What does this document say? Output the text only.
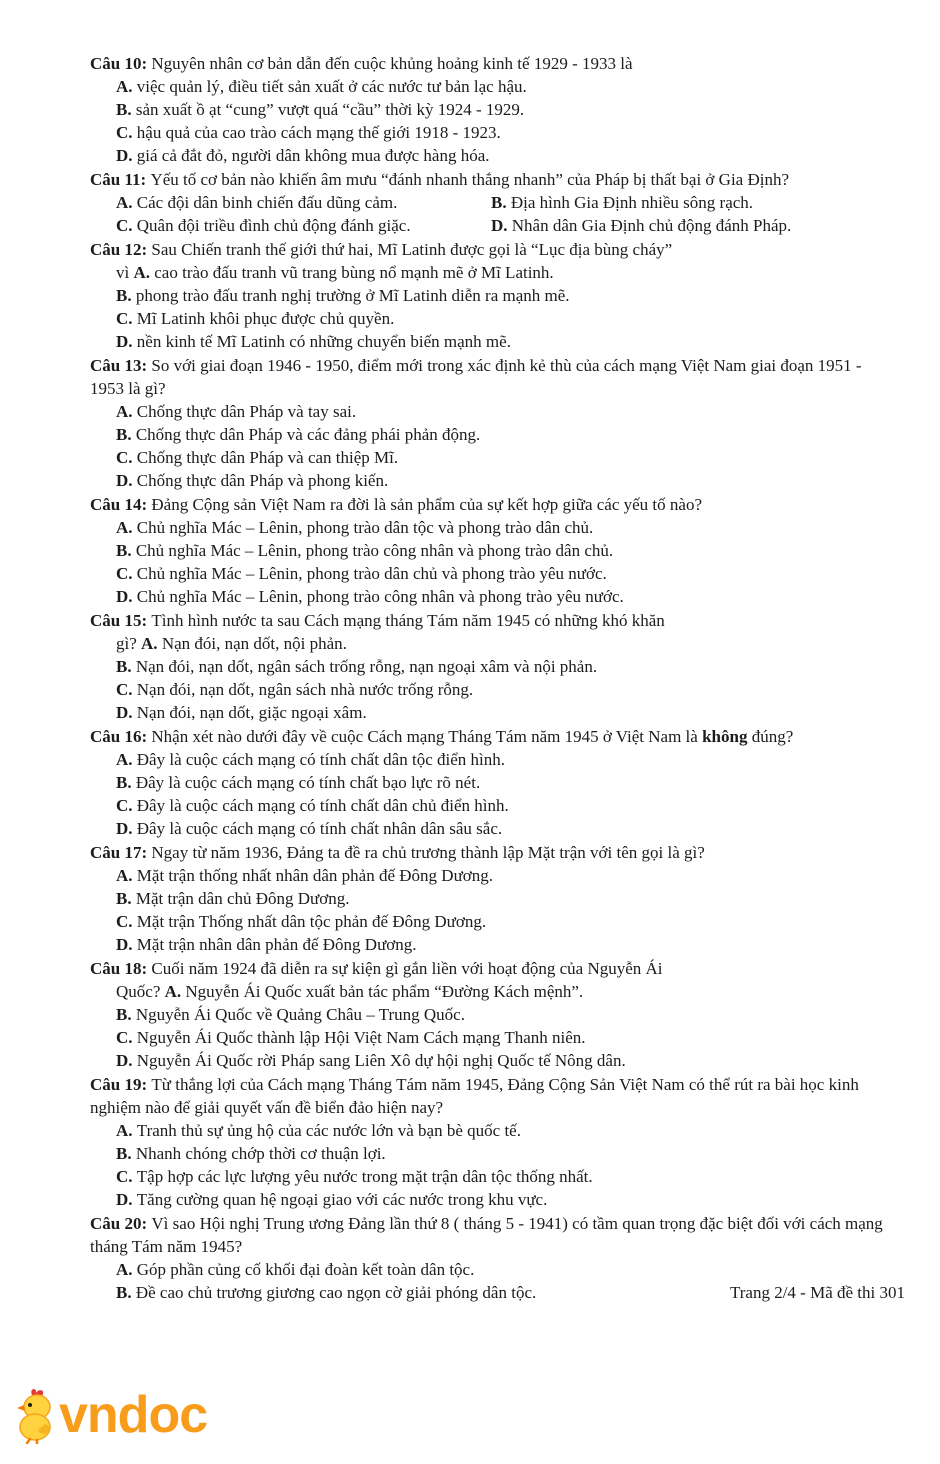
Câu 10: Nguyên nhân cơ bản dẫn đến cuộc khủng hoảng kinh tế 1929 - 1933 là
A. việc quản lý, điều tiết sản xuất ở các nước tư bản lạc hậu.
B. sản xuất ồ ạt “cung” vượt quá “cầu” thời kỳ 1924 - 1929.
C. hậu quả của cao trào cách mạng thế giới 1918 - 1923.
D. giá cả đắt đỏ, người dân không mua được hàng hóa.
Câu 11: Yếu tố cơ bản nào khiến âm mưu “đánh nhanh thắng nhanh” của Pháp bị thất bại ở Gia Định?
A. Các đội dân binh chiến đấu dũng cảm.	B. Địa hình Gia Định nhiều sông rạch.
C. Quân đội triều đình chủ động đánh giặc.	D. Nhân dân Gia Định chủ động đánh Pháp.
Câu 12: Sau Chiến tranh thế giới thứ hai, Mĩ Latinh được gọi là “Lục địa bùng cháy”
vì A. cao trào đấu tranh vũ trang bùng nổ mạnh mẽ ở Mĩ Latinh.
B. phong trào đấu tranh nghị trường ở Mĩ Latinh diễn ra mạnh mẽ.
C. Mĩ Latinh khôi phục được chủ quyền.
D. nền kinh tế Mĩ Latinh có những chuyển biến mạnh mẽ.
Câu 13: So với giai đoạn 1946 - 1950, điểm mới trong xác định kẻ thù của cách mạng Việt Nam giai đoạn 1951 - 1953 là gì?
A. Chống thực dân Pháp và tay sai.
B. Chống thực dân Pháp và các đảng phái phản động.
C. Chống thực dân Pháp và can thiệp Mĩ.
D. Chống thực dân Pháp và phong kiến.
Câu 14: Đảng Cộng sản Việt Nam ra đời là sản phẩm của sự kết hợp giữa các yếu tố nào?
A. Chủ nghĩa Mác – Lênin, phong trào dân tộc và phong trào dân chủ.
B. Chủ nghĩa Mác – Lênin, phong trào công nhân và phong trào dân chủ.
C. Chủ nghĩa Mác – Lênin, phong trào dân chủ và phong trào yêu nước.
D. Chủ nghĩa Mác – Lênin, phong trào công nhân và phong trào yêu nước.
Câu 15: Tình hình nước ta sau Cách mạng tháng Tám năm 1945 có những khó khăn
gì? A. Nạn đói, nạn dốt, nội phản.
B. Nạn đói, nạn dốt, ngân sách trống rỗng, nạn ngoại xâm và nội phản.
C. Nạn đói, nạn dốt, ngân sách nhà nước trống rỗng.
D. Nạn đói, nạn dốt, giặc ngoại xâm.
Câu 16: Nhận xét nào dưới đây về cuộc Cách mạng Tháng Tám năm 1945 ở Việt Nam là không đúng?
A. Đây là cuộc cách mạng có tính chất dân tộc điển hình.
B. Đây là cuộc cách mạng có tính chất bạo lực rõ nét.
C. Đây là cuộc cách mạng có tính chất dân chủ điển hình.
D. Đây là cuộc cách mạng có tính chất nhân dân sâu sắc.
Câu 17: Ngay từ năm 1936, Đảng ta đề ra chủ trương thành lập Mặt trận với tên gọi là gì?
A. Mặt trận thống nhất nhân dân phản đế Đông Dương.
B. Mặt trận dân chủ Đông Dương.
C. Mặt trận Thống nhất dân tộc phản đế Đông Dương.
D. Mặt trận nhân dân phản đế Đông Dương.
Câu 18: Cuối năm 1924 đã diễn ra sự kiện gì gắn liền với hoạt động của Nguyễn Ái
Quốc? A. Nguyễn Ái Quốc xuất bản tác phẩm “Đường Kách mệnh”.
B. Nguyễn Ái Quốc về Quảng Châu – Trung Quốc.
C. Nguyễn Ái Quốc thành lập Hội Việt Nam Cách mạng Thanh niên.
D. Nguyễn Ái Quốc rời Pháp sang Liên Xô dự hội nghị Quốc tế Nông dân.
Câu 19: Từ thắng lợi của Cách mạng Tháng Tám năm 1945, Đảng Cộng Sản Việt Nam có thể rút ra bài học kinh nghiệm nào để giải quyết vấn đề biển đảo hiện nay?
A. Tranh thủ sự ủng hộ của các nước lớn và bạn bè quốc tế.
B. Nhanh chóng chớp thời cơ thuận lợi.
C. Tập hợp các lực lượng yêu nước trong mặt trận dân tộc thống nhất.
D. Tăng cường quan hệ ngoại giao với các nước trong khu vực.
Câu 20: Vì sao Hội nghị Trung ương Đảng lần thứ 8 ( tháng 5 - 1941) có tầm quan trọng đặc biệt đối với cách mạng tháng Tám năm 1945?
A. Góp phần củng cố khối đại đoàn kết toàn dân tộc.
B. Đề cao chủ trương giương cao ngọn cờ giải phóng dân tộc.	Trang 2/4 - Mã đề thi 301
vndoc
